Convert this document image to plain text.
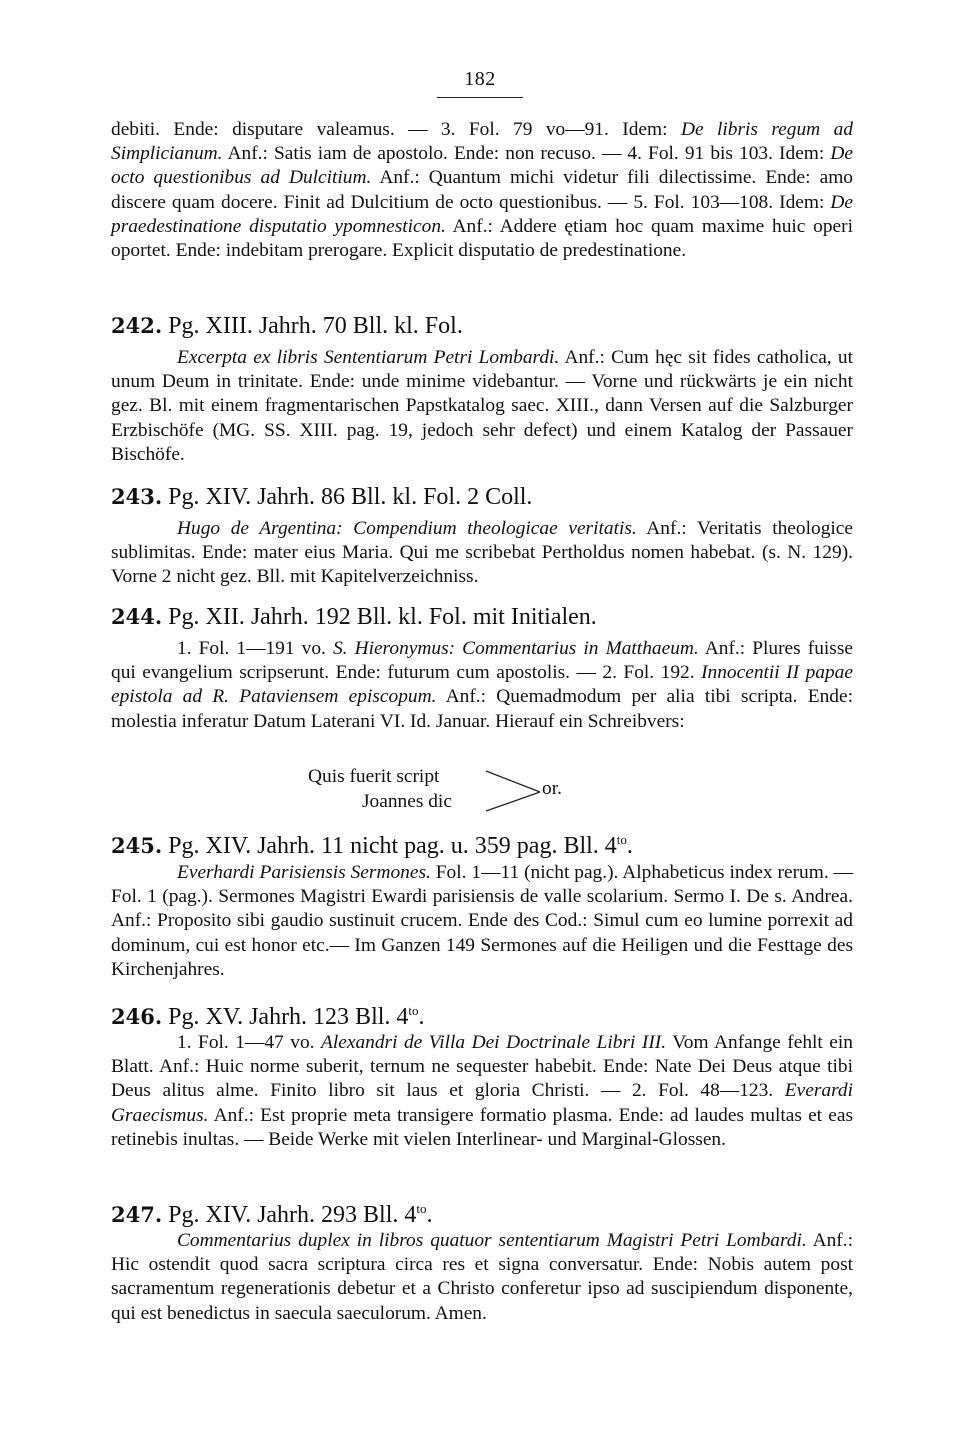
182
debiti. Ende: disputare valeamus. — 3. Fol. 79 vo—91. Idem: De libris regum ad Simplicianum. Anf.: Satis iam de apostolo. Ende: non recuso. — 4. Fol. 91 bis 103. Idem: De octo questionibus ad Dulcitium. Anf.: Quantum michi videtur fili dilectissime. Ende: amo discere quam docere. Finit ad Dulcitium de octo questionibus. — 5. Fol. 103—108. Idem: De praedestinatione disputatio ypomnesticon. Anf.: Addere ętiam hoc quam maxime huic operi oportet. Ende: indebitam prerogare. Explicit disputatio de predestinatione.
242. Pg. XIII. Jahrh. 70 Bll. kl. Fol.
Excerpta ex libris Sententiarum Petri Lombardi. Anf.: Cum hęc sit fides catholica, ut unum Deum in trinitate. Ende: unde minime videbantur. — Vorne und rückwärts je ein nicht gez. Bl. mit einem fragmentarischen Papstkatalog saec. XIII., dann Versen auf die Salzburger Erzbischöfe (MG. SS. XIII. pag. 19, jedoch sehr defect) und einem Katalog der Passauer Bischöfe.
243. Pg. XIV. Jahrh. 86 Bll. kl. Fol. 2 Coll.
Hugo de Argentina: Compendium theologicae veritatis. Anf.: Veritatis theologice sublimitas. Ende: mater eius Maria. Qui me scribebat Pertholdus nomen habebat. (s. N. 129). Vorne 2 nicht gez. Bll. mit Kapitelverzeichniss.
244. Pg. XII. Jahrh. 192 Bll. kl. Fol. mit Initialen.
1. Fol. 1—191 vo. S. Hieronymus: Commentarius in Matthaeum. Anf.: Plures fuisse qui evangelium scripserunt. Ende: futurum cum apostolis. — 2. Fol. 192. Innocentii II papae epistola ad R. Pataviensem episcopum. Anf.: Quemadmodum per alia tibi scripta. Ende: molestia inferatur Datum Laterani VI. Id. Januar. Hierauf ein Schreibvers:
Quis fuerit script
Joannes dic
or.
245. Pg. XIV. Jahrh. 11 nicht pag. u. 359 pag. Bll. $4^{to}$.
Everhardi Parisiensis Sermones. Fol. 1—11 (nicht pag.). Alphabeticus index rerum. — Fol. 1 (pag.). Sermones Magistri Ewardi parisiensis de valle scolarium. Sermo I. De s. Andrea. Anf.: Proposito sibi gaudio sustinuit crucem. Ende des Cod.: Simul cum eo lumine porrexit ad dominum, cui est honor etc.— Im Ganzen 149 Sermones auf die Heiligen und die Festtage des Kirchenjahres.
246. Pg. XV. Jahrh. 123 Bll. $4^{to}$.
1. Fol. 1—47 vo. Alexandri de Villa Dei Doctrinale Libri III. Vom Anfange fehlt ein Blatt. Anf.: Huic norme suberit, ternum ne sequester habebit. Ende: Nate Dei Deus atque tibi Deus alitus alme. Finito libro sit laus et gloria Christi. — 2. Fol. 48—123. Everardi Graecismus. Anf.: Est proprie meta transigere formatio plasma. Ende: ad laudes multas et eas retinebis inultas. — Beide Werke mit vielen Interlinear- und Marginal-Glossen.
247. Pg. XIV. Jahrh. 293 Bll. $4^{to}$.
Commentarius duplex in libros quatuor sententiarum Magistri Petri Lombardi. Anf.: Hic ostendit quod sacra scriptura circa res et signa conversatur. Ende: Nobis autem post sacramentum regenerationis debetur et a Christo conferetur ipso ad suscipiendum disponente, qui est benedictus in saecula saeculorum. Amen.
